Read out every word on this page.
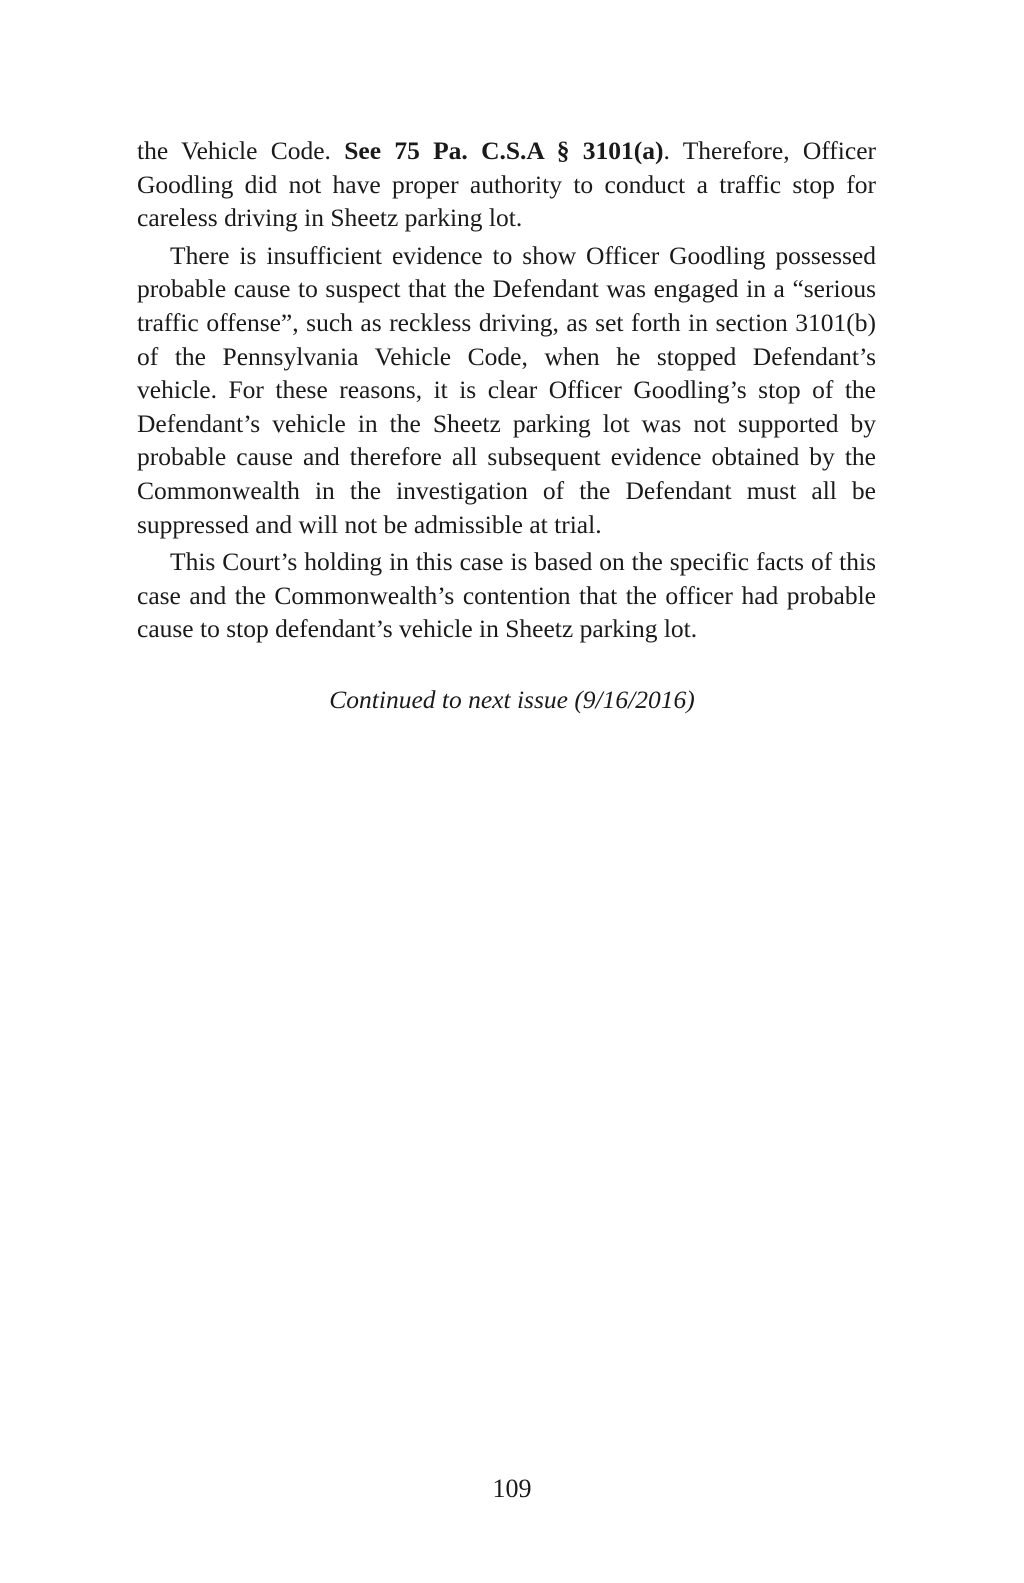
the Vehicle Code. See 75 Pa. C.S.A § 3101(a). Therefore, Officer Goodling did not have proper authority to conduct a traffic stop for careless driving in Sheetz parking lot.

There is insufficient evidence to show Officer Goodling possessed probable cause to suspect that the Defendant was engaged in a “serious traffic offense”, such as reckless driving, as set forth in section 3101(b) of the Pennsylvania Vehicle Code, when he stopped Defendant’s vehicle. For these reasons, it is clear Officer Goodling’s stop of the Defendant’s vehicle in the Sheetz parking lot was not supported by probable cause and therefore all subsequent evidence obtained by the Commonwealth in the investigation of the Defendant must all be suppressed and will not be admissible at trial.

This Court’s holding in this case is based on the specific facts of this case and the Commonwealth’s contention that the officer had probable cause to stop defendant’s vehicle in Sheetz parking lot.

Continued to next issue (9/16/2016)
109
